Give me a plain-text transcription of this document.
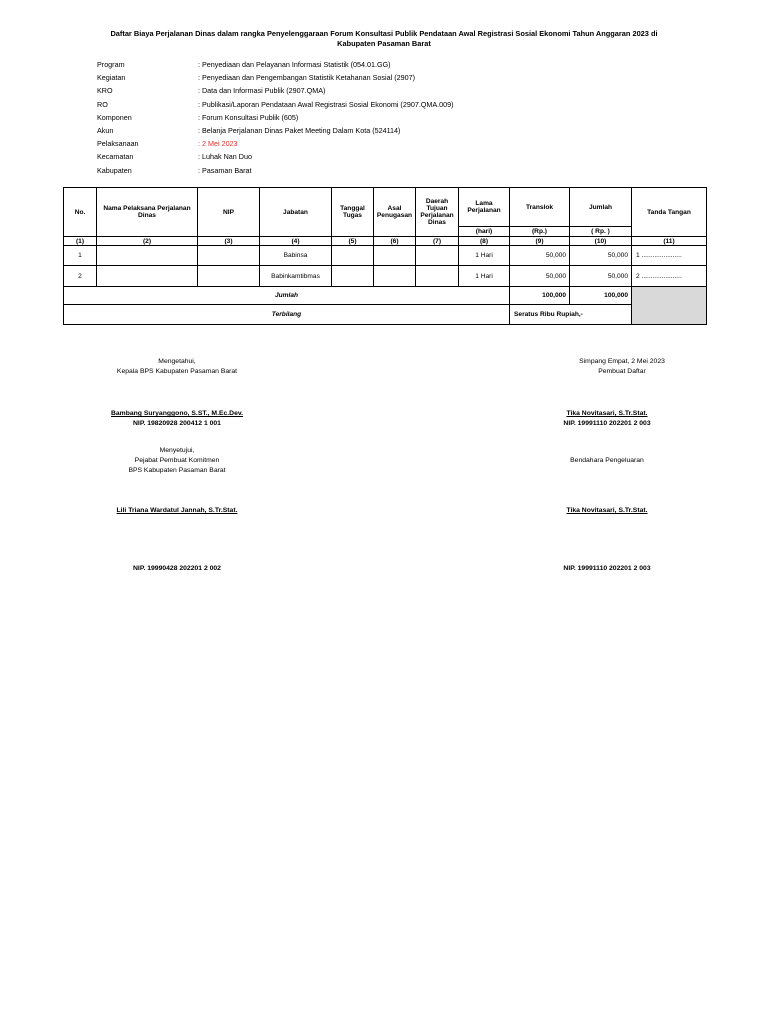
Daftar Biaya Perjalanan Dinas dalam rangka Penyelenggaraan Forum Konsultasi Publik Pendataan Awal Registrasi Sosial Ekonomi Tahun Anggaran 2023 di
Kabupaten Pasaman Barat
Program	: Penyediaan dan Pelayanan Informasi Statistik (054.01.GG)
Kegiatan	: Penyediaan dan Pengembangan Statistik Ketahanan Sosial (2907)
KRO	: Data dan Informasi Publik (2907.QMA)
RO	: Publikasi/Laporan Pendataan Awal Registrasi Sosial Ekonomi (2907.QMA.009)
Komponen	: Forum Konsultasi Publik (605)
Akun	: Belanja Perjalanan Dinas Paket Meeting Dalam Kota (524114)
Pelaksanaan	: 2 Mei 2023
Kecamatan	: Luhak Nan Duo
Kabupaten	: Pasaman Barat
No.	Nama Pelaksana Perjalanan Dinas	NIP	Jabatan	Tanggal Tugas	Asal Penugasan	Daerah Tujuan Perjalanan Dinas	Lama Perjalanan	Translok	Jumlah	Tanda Tangan
							(hari)	(Rp.)	( Rp. )	
(1)	(2)	(3)	(4)	(5)	(6)	(7)	(8)	(9)	(10)	(11)
1			Babinsa				1 Hari	50,000	50,000	1 ......................
2			Babinkamtibmas				1 Hari	50,000	50,000	2 ......................
Jumlah								100,000	100,000	
Terbilang								Seratus Ribu Rupiah,-		
Mengetahui,
Kepala BPS Kabupaten Pasaman Barat
Bambang Suryanggono, S.ST., M.Ec.Dev.
NIP. 19820928 200412 1 001
Simpang Empat, 2 Mei 2023
Pembuat Daftar
Tika Novitasari, S.Tr.Stat.
NIP. 19991110 202201 2 003
Menyetujui,
Pejabat Pembuat Komitmen
BPS Kabupaten Pasaman Barat
Lili Triana Wardatul Jannah, S.Tr.Stat.
NIP. 19990428 202201 2 002
Bendahara Pengeluaran
Tika Novitasari, S.Tr.Stat.
NIP. 19991110 202201 2 003
